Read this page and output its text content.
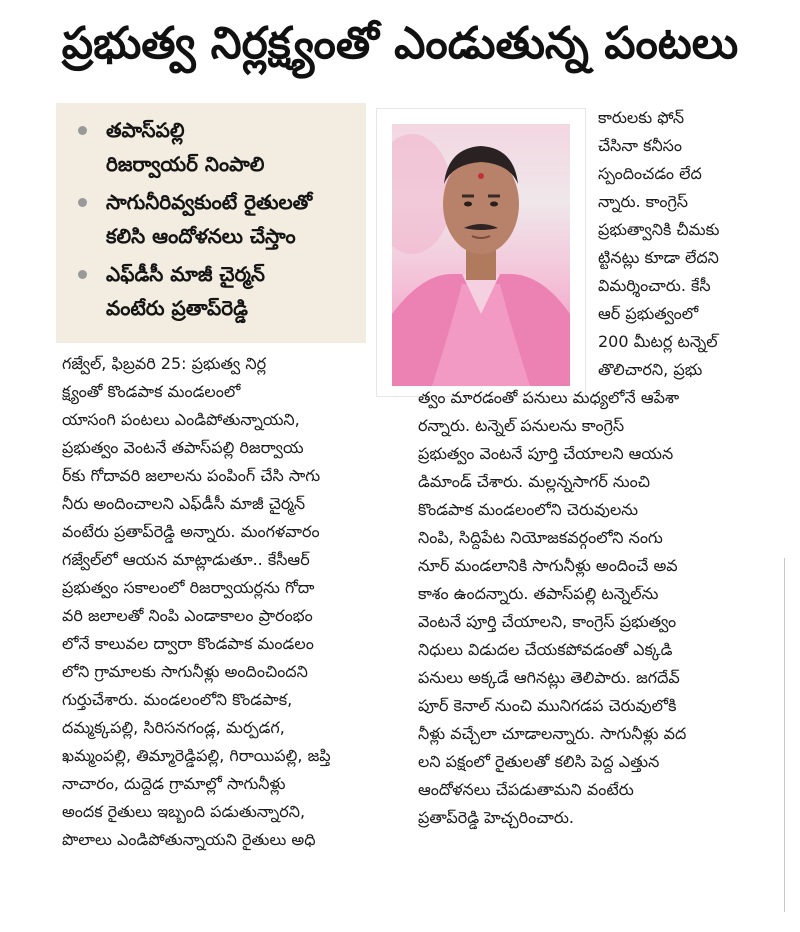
ప్రభుత్వ నిర్లక్ష్యంతో ఎండుతున్న పంటలు
తపాస్‌పల్లి
రిజర్వాయర్ నింపాలి
సాగునీరివ్వకుంటే రైతులతో
కలిసి ఆందోళనలు చేస్తాం
ఎఫ్‌డీసీ మాజీ చైర్మన్
వంటేరు ప్రతాప్‌రెడ్డి
గజ్వేల్, ఫిబ్రవరి 25: ప్రభుత్వ నిర్ల
క్ష్యంతో కొండపాక మండలంలో
యాసంగి పంటలు ఎండిపోతున్నాయని,
ప్రభుత్వం వెంటనే తపాస్‌పల్లి రిజర్వాయ
ర్‌కు గోదావరి జలాలను పంపింగ్ చేసి సాగు
నీరు అందించాలని ఎఫ్‌డీసీ మాజీ చైర్మన్
వంటేరు ప్రతాప్‌రెడ్డి అన్నారు. మంగళవారం
గజ్వేల్‌లో ఆయన మాట్లాడుతూ.. కేసీఆర్
ప్రభుత్వం సకాలంలో రిజర్వాయర్లను గోదా
వరి జలాలతో నింపి ఎండాకాలం ప్రారంభం
లోనే కాలువల ద్వారా కొండపాక మండలం
లోని గ్రామాలకు సాగునీళ్లు అందించిందని
గుర్తుచేశారు. మండలంలోని కొండపాక,
దమ్మక్కపల్లి, సిరిసనగండ్ల, మర్పడగ,
ఖమ్మంపల్లి, తిమ్మారెడ్డిపల్లి, గిరాయిపల్లి, జప్తి
నాచారం, దుద్దెడ గ్రామాల్లో సాగునీళ్లు
అందక రైతులు ఇబ్బంది పడుతున్నారని,
పొలాలు ఎండిపోతున్నాయని రైతులు అధి
కారులకు ఫోన్
చేసినా కనీసం
స్పందించడం లేద
న్నారు. కాంగ్రెస్
ప్రభుత్వానికి చీమకు
ట్టినట్లు కూడా లేదని
విమర్శించారు. కేసీ
ఆర్ ప్రభుత్వంలో
200 మీటర్ల టన్నెల్
తొలిచారని, ప్రభు
త్వం మారడంతో పనులు మధ్యలోనే ఆపేశా
రన్నారు. టన్నెల్ పనులను కాంగ్రెస్
ప్రభుత్వం వెంటనే పూర్తి చేయాలని ఆయన
డిమాండ్ చేశారు. మల్లన్నసాగర్ నుంచి
కొండపాక మండలంలోని చెరువులను
నింపి, సిద్దిపేట నియోజకవర్గంలోని నంగు
నూర్ మండలానికి సాగునీళ్లు అందించే అవ
కాశం ఉందన్నారు. తపాస్‌పల్లి టన్నెల్‌ను
వెంటనే పూర్తి చేయాలని, కాంగ్రెస్ ప్రభుత్వం
నిధులు విడుదల చేయకపోవడంతో ఎక్కడి
పనులు అక్కడే ఆగినట్లు తెలిపారు. జగదేవ్
పూర్ కెనాల్ నుంచి మునిగడప చెరువులోకి
నీళ్లు వచ్చేలా చూడాలన్నారు. సాగునీళ్లు వద
లని పక్షంలో రైతులతో కలిసి పెద్ద ఎత్తున
ఆందోళనలు చేపడుతామని వంటేరు
ప్రతాప్‌రెడ్డి హెచ్చరించారు.
